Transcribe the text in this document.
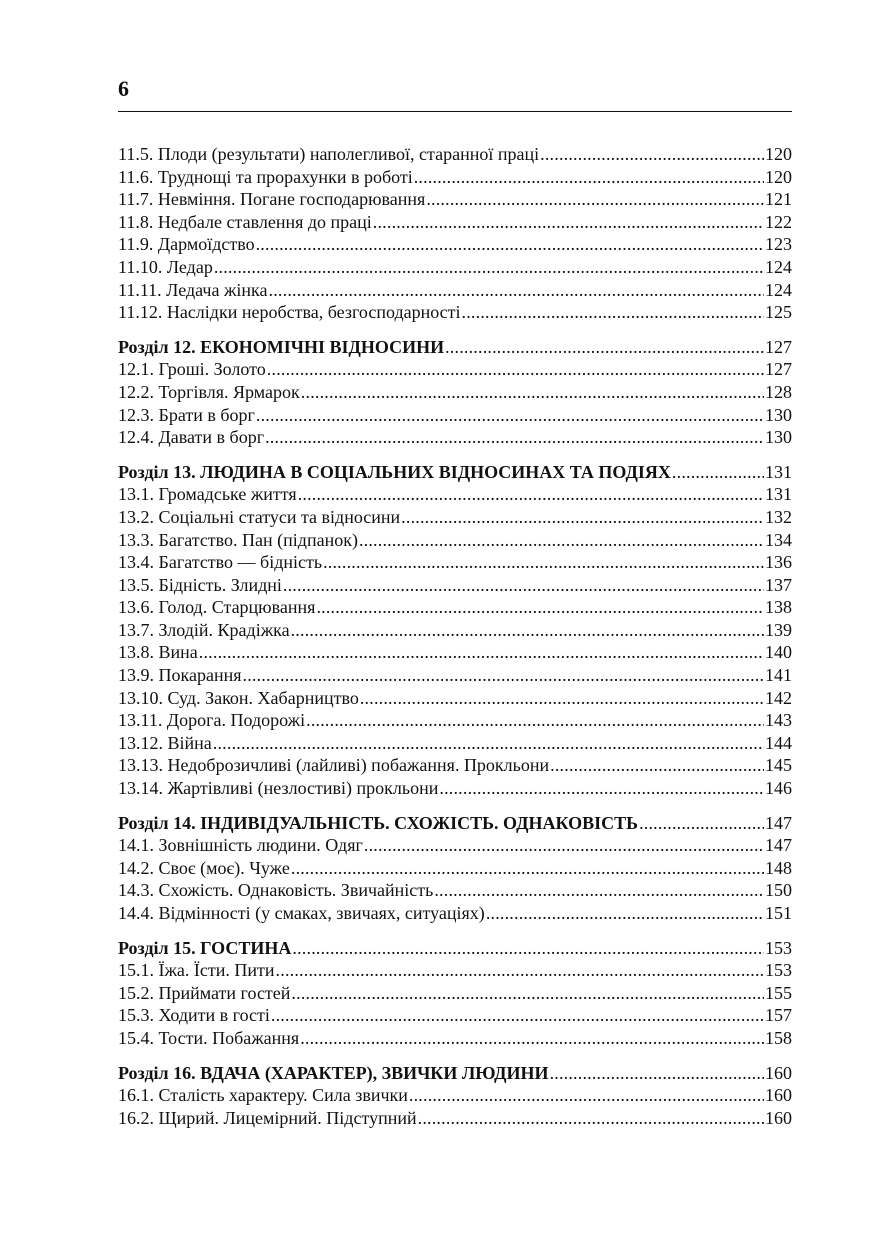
6
11.5. Плоди (результати) наполегливої, старанної праці .....	120
11.6. Труднощі та прорахунки в роботі .....	120
11.7. Невміння. Погане господарювання .....	121
11.8. Недбале ставлення до праці .....	122
11.9. Дармоїдство .....	123
11.10. Ледар .....	124
11.11. Ледача жінка .....	124
11.12. Наслідки неробства, безгосподарності .....	125
Розділ 12. ЕКОНОМІЧНІ ВІДНОСИНИ .....	127
12.1. Гроші. Золото .....	127
12.2. Торгівля. Ярмарок .....	128
12.3. Брати в борг .....	130
12.4. Давати в борг .....	130
Розділ 13. ЛЮДИНА В СОЦІАЛЬНИХ ВІДНОСИНАХ ТА ПОДІЯХ .....	131
13.1. Громадське життя .....	131
13.2. Соціальні статуси та відносини .....	132
13.3. Багатство. Пан (підпанок) .....	134
13.4. Багатство — бідність .....	136
13.5. Бідність. Злидні .....	137
13.6. Голод. Старцювання .....	138
13.7. Злодій. Крадіжка .....	139
13.8. Вина .....	140
13.9. Покарання .....	141
13.10. Суд. Закон. Хабарництво .....	142
13.11. Дорога. Подорожі .....	143
13.12. Війна .....	144
13.13. Недоброзичливі (лайливі) побажання. Прокльони .....	145
13.14. Жартівливі (незлостиві) прокльони .....	146
Розділ 14. ІНДИВІДУАЛЬНІСТЬ. СХОЖІСТЬ. ОДНАКОВІСТЬ .....	147
14.1. Зовнішність людини. Одяг .....	147
14.2. Своє (моє). Чуже .....	148
14.3. Схожість. Однаковість. Звичайність .....	150
14.4. Відмінності (у смаках, звичаях, ситуаціях) .....	151
Розділ 15. ГОСТИНА .....	153
15.1. Їжа. Їсти. Пити .....	153
15.2. Приймати гостей .....	155
15.3. Ходити в гості .....	157
15.4. Тости. Побажання .....	158
Розділ 16. ВДАЧА (ХАРАКТЕР), ЗВИЧКИ ЛЮДИНИ .....	160
16.1. Сталість характеру. Сила звички .....	160
16.2. Щирий. Лицемірний. Підступний .....	160
